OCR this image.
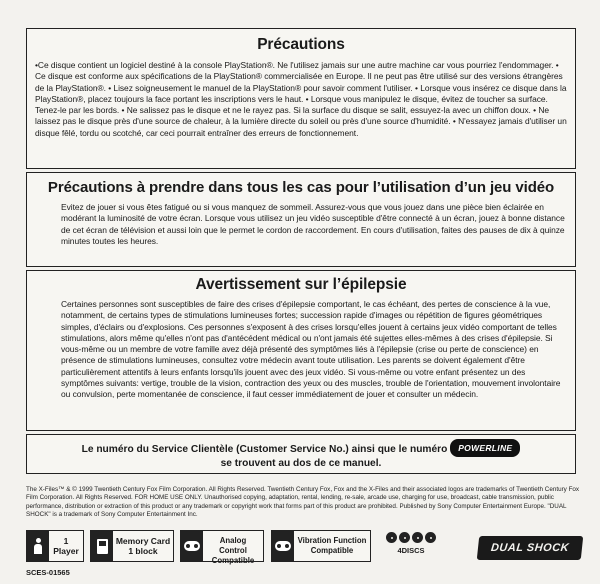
Précautions

•Ce disque contient un logiciel destiné à la console PlayStation®. Ne l'utilisez jamais sur une autre machine car vous pourriez l'endommager. • Ce disque est conforme aux spécifications de la PlayStation® commercialisée en Europe. Il ne peut pas être utilisé sur des versions étrangères de la PlayStation®. • Lisez soigneusement le manuel de la PlayStation® pour savoir comment l'utiliser. • Lorsque vous insérez ce disque dans la PlayStation®, placez toujours la face portant les inscriptions vers le haut. • Lorsque vous manipulez le disque, évitez de toucher sa surface. Tenez-le par les bords. • Ne salissez pas le disque et ne le rayez pas. Si la surface du disque se salit, essuyez-la avec un chiffon doux. • Ne laissez pas le disque près d'une source de chaleur, à la lumière directe du soleil ou près d'une source d'humidité. • N'essayez jamais d'utiliser un disque fêlé, tordu ou scotché, car ceci pourrait entraîner des erreurs de fonctionnement.

Précautions à prendre dans tous les cas pour l’utilisation d’un jeu vidéo

Evitez de jouer si vous êtes fatigué ou si vous manquez de sommeil. Assurez-vous que vous jouez dans une pièce bien éclairée en modérant la luminosité de votre écran. Lorsque vous utilisez un jeu vidéo susceptible d'être connecté à un écran, jouez à bonne distance de cet écran de télévision et aussi loin que le permet le cordon de raccordement. En cours d'utilisation, faites des pauses de dix à quinze minutes toutes les heures.

Avertissement sur l’épilepsie

Certaines personnes sont susceptibles de faire des crises d'épilepsie comportant, le cas échéant, des pertes de conscience à la vue, notamment, de certains types de stimulations lumineuses fortes; succession rapide d'images ou répétition de figures géométriques simples, d'éclairs ou d'explosions. Ces personnes s'exposent à des crises lorsqu'elles jouent à certains jeux vidéo comportant de telles stimulations, alors même qu'elles n'ont pas d'antécédent médical ou n'ont jamais été sujettes elles-mêmes à des crises d'épilepsie. Si vous-même ou un membre de votre famille avez déjà présenté des symptômes liés à l'épilepsie (crise ou perte de conscience) en présence de stimulations lumineuses, consultez votre médecin avant toute utilisation. Les parents se doivent également d'être particulièrement attentifs à leurs enfants lorsqu'ils jouent avec des jeux vidéo. Si vous-même ou votre enfant présentez un des symptômes suivants: vertige, trouble de la vision, contraction des yeux ou des muscles, trouble de l'orientation, mouvement involontaire ou convulsion, perte momentanée de conscience, il faut cesser immédiatement de jouer et consulter un médecin.

Le numéro du Service Clientèle (Customer Service No.) ainsi que le numéro POWERLINE
se trouvent au dos de ce manuel.
The X-Files™ & © 1999 Twentieth Century Fox Film Corporation. All Rights Reserved. Twentieth Century Fox, Fox and the X-Files and their associated logos are trademarks of Twentieth Century Fox Film Corporation. All Rights Reserved. FOR HOME USE ONLY. Unauthorised copying, adaptation, rental, lending, re-sale, arcade use, charging for use, broadcast, cable transmission, public performance, distribution or extraction of this product or any trademark or copyright work that forms part of this product are prohibited. Published by Sony Computer Entertainment Europe. "DUAL SHOCK" is a trademark of Sony Computer Entertainment Inc.
1
Player
Memory Card
1 block
Analog Control
Compatible
Vibration Function
Compatible	4DISCS	DUAL SHOCK
SCES-01565
